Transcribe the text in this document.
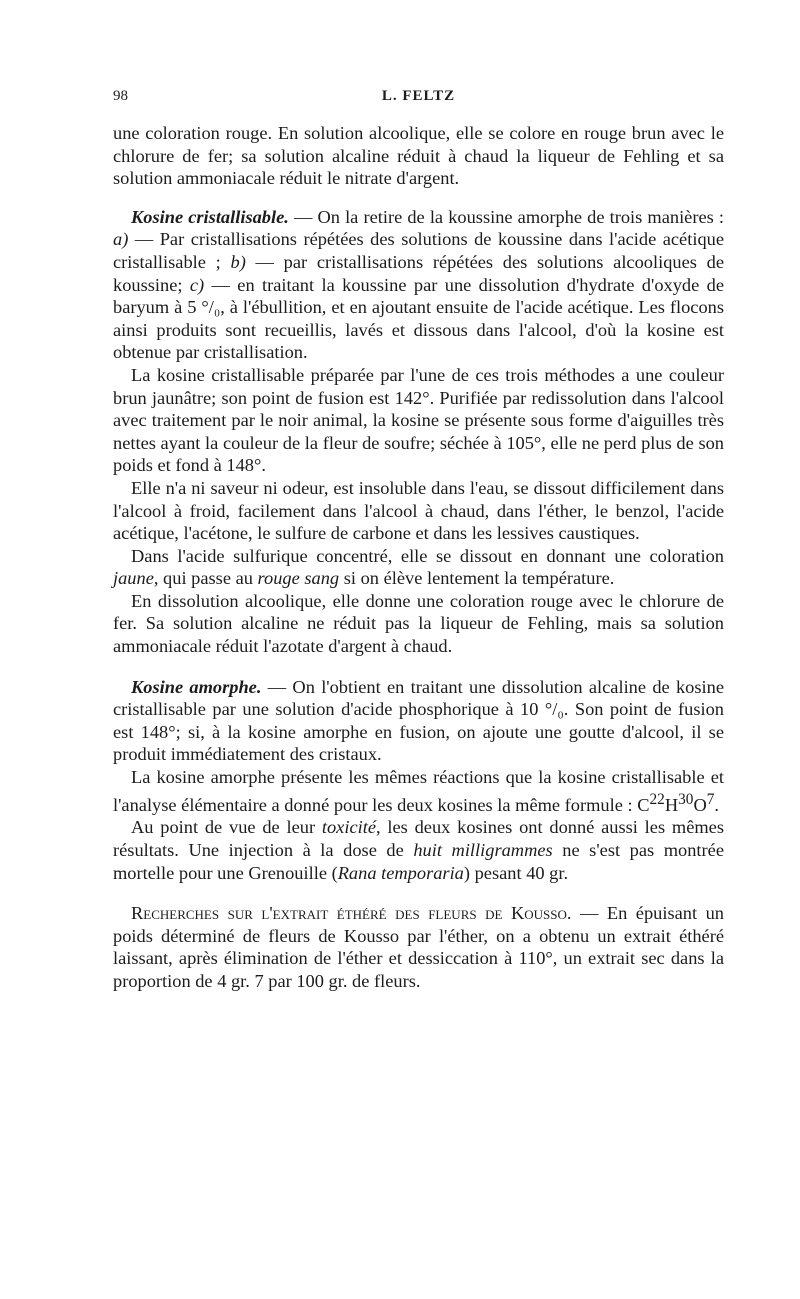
98	L. FELTZ

une coloration rouge. En solution alcoolique, elle se colore en rouge brun avec le chlorure de fer; sa solution alcaline réduit à chaud la liqueur de Fehling et sa solution ammoniacale réduit le nitrate d'argent.

Kosine cristallisable. — On la retire de la koussine amorphe de trois manières : a) — Par cristallisations répétées des solutions de koussine dans l'acide acétique cristallisable ; b) — par cristallisations répétées des solutions alcooliques de koussine; c) — en traitant la koussine par une dissolution d'hydrate d'oxyde de baryum à 5 °/₀, à l'ébullition, et en ajoutant ensuite de l'acide acétique. Les flocons ainsi produits sont recueillis, lavés et dissous dans l'alcool, d'où la kosine est obtenue par cristallisation.

La kosine cristallisable préparée par l'une de ces trois méthodes a une couleur brun jaunâtre; son point de fusion est 142°. Purifiée par redissolution dans l'alcool avec traitement par le noir animal, la kosine se présente sous forme d'aiguilles très nettes ayant la couleur de la fleur de soufre; séchée à 105°, elle ne perd plus de son poids et fond à 148°.

Elle n'a ni saveur ni odeur, est insoluble dans l'eau, se dissout difficilement dans l'alcool à froid, facilement dans l'alcool à chaud, dans l'éther, le benzol, l'acide acétique, l'acétone, le sulfure de carbone et dans les lessives caustiques.

Dans l'acide sulfurique concentré, elle se dissout en donnant une coloration jaune, qui passe au rouge sang si on élève lentement la température.

En dissolution alcoolique, elle donne une coloration rouge avec le chlorure de fer. Sa solution alcaline ne réduit pas la liqueur de Fehling, mais sa solution ammoniacale réduit l'azotate d'argent à chaud.

Kosine amorphe. — On l'obtient en traitant une dissolution alcaline de kosine cristallisable par une solution d'acide phosphorique à 10 °/₀. Son point de fusion est 148°; si, à la kosine amorphe en fusion, on ajoute une goutte d'alcool, il se produit immédiatement des cristaux.

La kosine amorphe présente les mêmes réactions que la kosine cristallisable et l'analyse élémentaire a donné pour les deux kosines la même formule : $C^{22}H^{30}O^7$.

Au point de vue de leur toxicité, les deux kosines ont donné aussi les mêmes résultats. Une injection à la dose de huit milligrammes ne s'est pas montrée mortelle pour une Grenouille (Rana temporaria) pesant 40 gr.

Recherches sur l'extrait éthéré des fleurs de Kousso. — En épuisant un poids déterminé de fleurs de Kousso par l'éther, on a obtenu un extrait éthéré laissant, après élimination de l'éther et dessiccation à 110°, un extrait sec dans la proportion de 4 gr. 7 par 100 gr. de fleurs.
